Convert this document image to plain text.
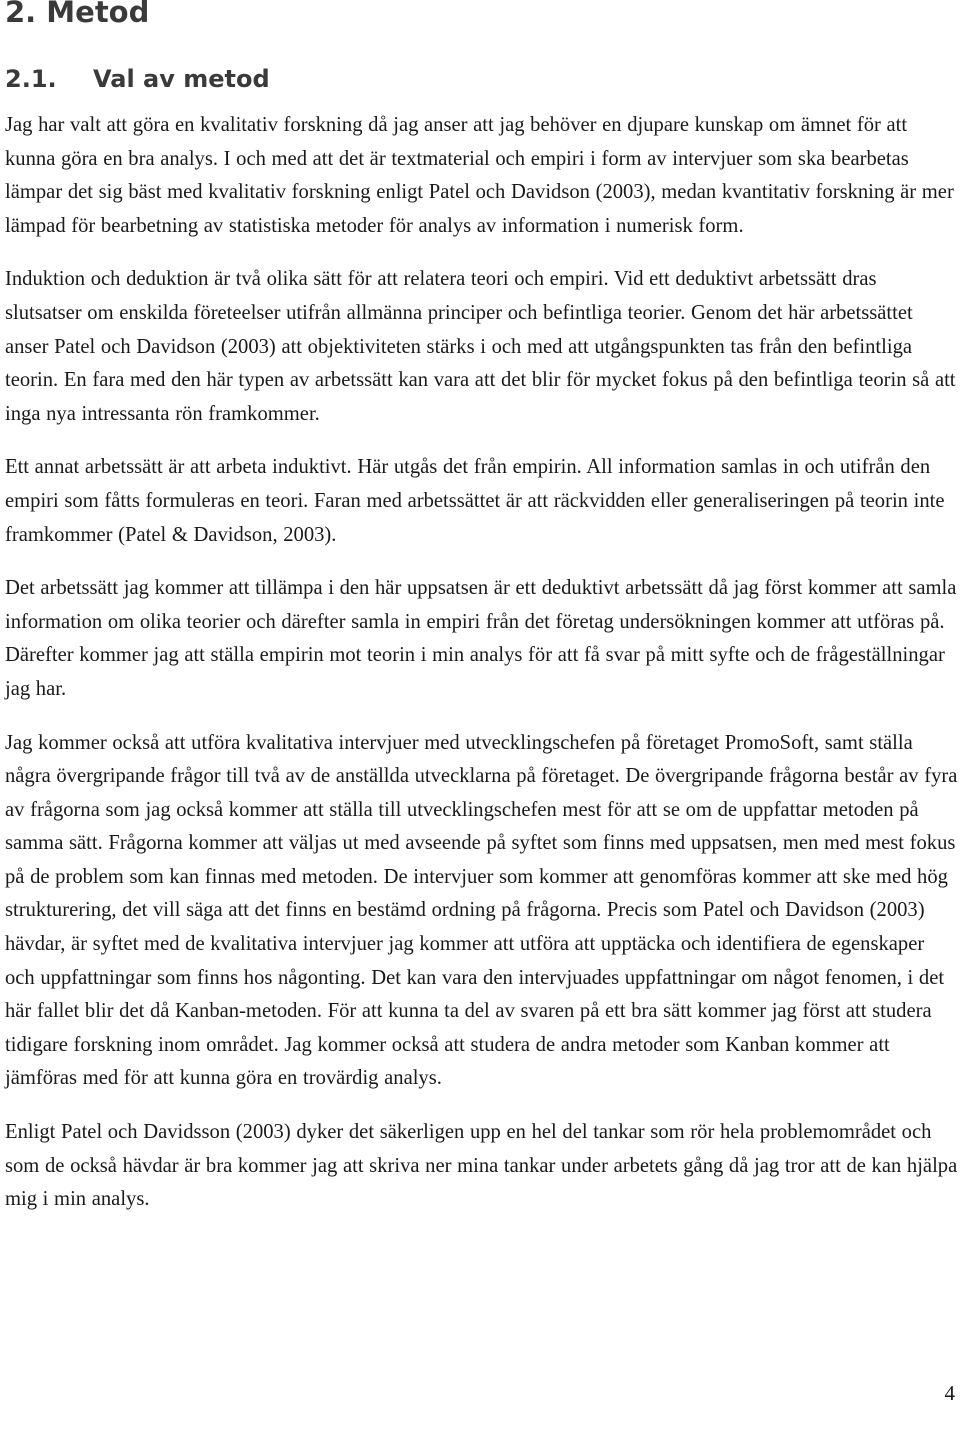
2. Metod
2.1. Val av metod

Jag har valt att göra en kvalitativ forskning då jag anser att jag behöver en djupare kunskap om ämnet för att kunna göra en bra analys. I och med att det är textmaterial och empiri i form av intervjuer som ska bearbetas lämpar det sig bäst med kvalitativ forskning enligt Patel och Davidson (2003), medan kvantitativ forskning är mer lämpad för bearbetning av statistiska metoder för analys av information i numerisk form.

Induktion och deduktion är två olika sätt för att relatera teori och empiri. Vid ett deduktivt arbetssätt dras slutsatser om enskilda företeelser utifrån allmänna principer och befintliga teorier. Genom det här arbetssättet anser Patel och Davidson (2003) att objektiviteten stärks i och med att utgångspunkten tas från den befintliga teorin. En fara med den här typen av arbetssätt kan vara att det blir för mycket fokus på den befintliga teorin så att inga nya intressanta rön framkommer.

Ett annat arbetssätt är att arbeta induktivt. Här utgås det från empirin. All information samlas in och utifrån den empiri som fåtts formuleras en teori. Faran med arbetssättet är att räckvidden eller generaliseringen på teorin inte framkommer (Patel & Davidson, 2003).

Det arbetssätt jag kommer att tillämpa i den här uppsatsen är ett deduktivt arbetssätt då jag först kommer att samla information om olika teorier och därefter samla in empiri från det företag undersökningen kommer att utföras på. Därefter kommer jag att ställa empirin mot teorin i min analys för att få svar på mitt syfte och de frågeställningar jag har.

Jag kommer också att utföra kvalitativa intervjuer med utvecklingschefen på företaget PromoSoft, samt ställa några övergripande frågor till två av de anställda utvecklarna på företaget. De övergripande frågorna består av fyra av frågorna som jag också kommer att ställa till utvecklingschefen mest för att se om de uppfattar metoden på samma sätt. Frågorna kommer att väljas ut med avseende på syftet som finns med uppsatsen, men med mest fokus på de problem som kan finnas med metoden. De intervjuer som kommer att genomföras kommer att ske med hög strukturering, det vill säga att det finns en bestämd ordning på frågorna. Precis som Patel och Davidson (2003) hävdar, är syftet med de kvalitativa intervjuer jag kommer att utföra att upptäcka och identifiera de egenskaper och uppfattningar som finns hos någonting. Det kan vara den intervjuades uppfattningar om något fenomen, i det här fallet blir det då Kanban-metoden. För att kunna ta del av svaren på ett bra sätt kommer jag först att studera tidigare forskning inom området. Jag kommer också att studera de andra metoder som Kanban kommer att jämföras med för att kunna göra en trovärdig analys.

Enligt Patel och Davidsson (2003) dyker det säkerligen upp en hel del tankar som rör hela problemområdet och som de också hävdar är bra kommer jag att skriva ner mina tankar under arbetets gång då jag tror att de kan hjälpa mig i min analys.

4
